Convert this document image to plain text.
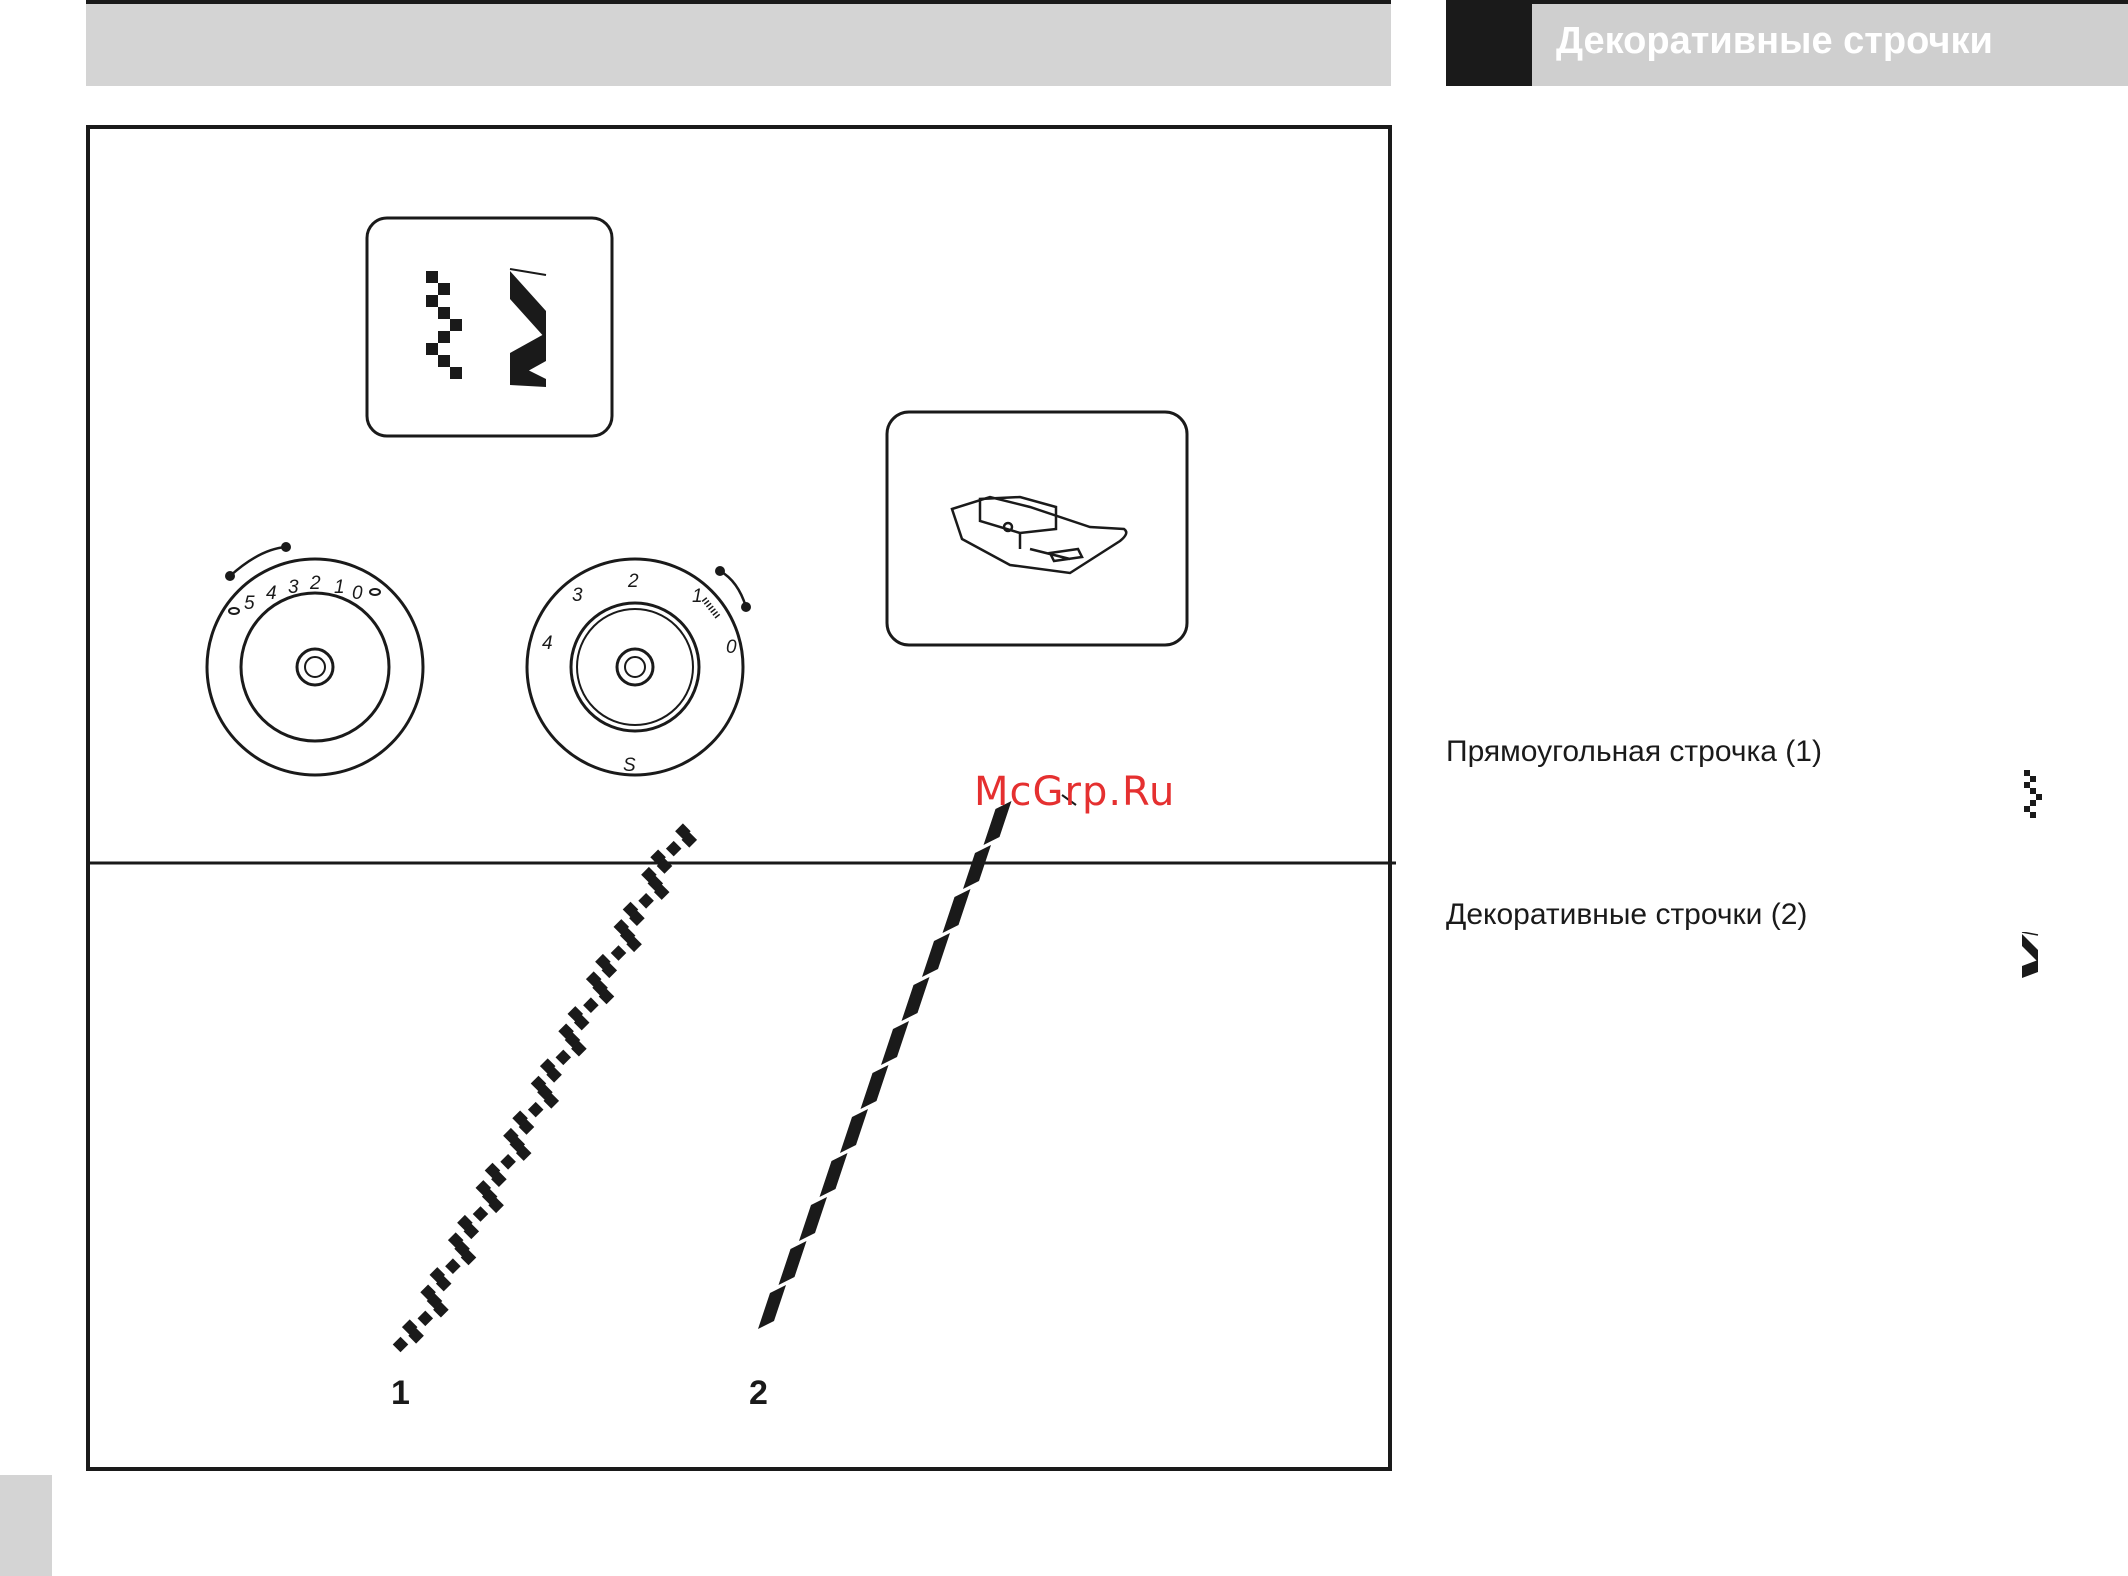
Декоративные строчки
5 4 3 2 1 0	3
2
1
0
4
S
McGrp.Ru
1	2
Прямоугольная строчка (1)
Декоративные строчки (2)
